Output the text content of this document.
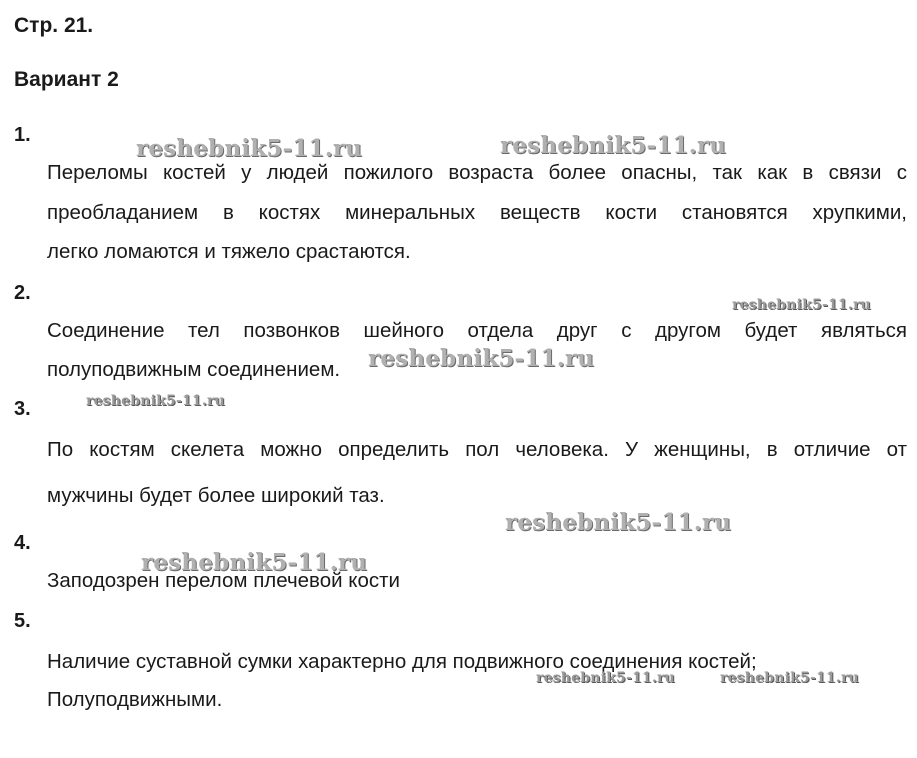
Стр. 21.
Вариант 2
1.
Переломы костей у людей пожилого возраста более опасны, так как в связи с
преобладанием в костях минеральных веществ кости становятся хрупкими,
легко ломаются и тяжело срастаются.
2.
Соединение тел позвонков шейного отдела друг с другом будет являться
полуподвижным соединением.
3.
По костям скелета можно определить пол человека. У женщины, в отличие от
мужчины будет более широкий таз.
4.
Заподозрен перелом плечевой кости
5.
Наличие суставной сумки характерно для подвижного соединения костей;
Полуподвижными.
reshebnik5-11.ru	reshebnik5-11.ru
reshebnik5-11.ru
reshebnik5-11.ru
reshebnik5-11.ru
reshebnik5-11.ru
reshebnik5-11.ru
reshebnik5-11.ru	reshebnik5-11.ru
